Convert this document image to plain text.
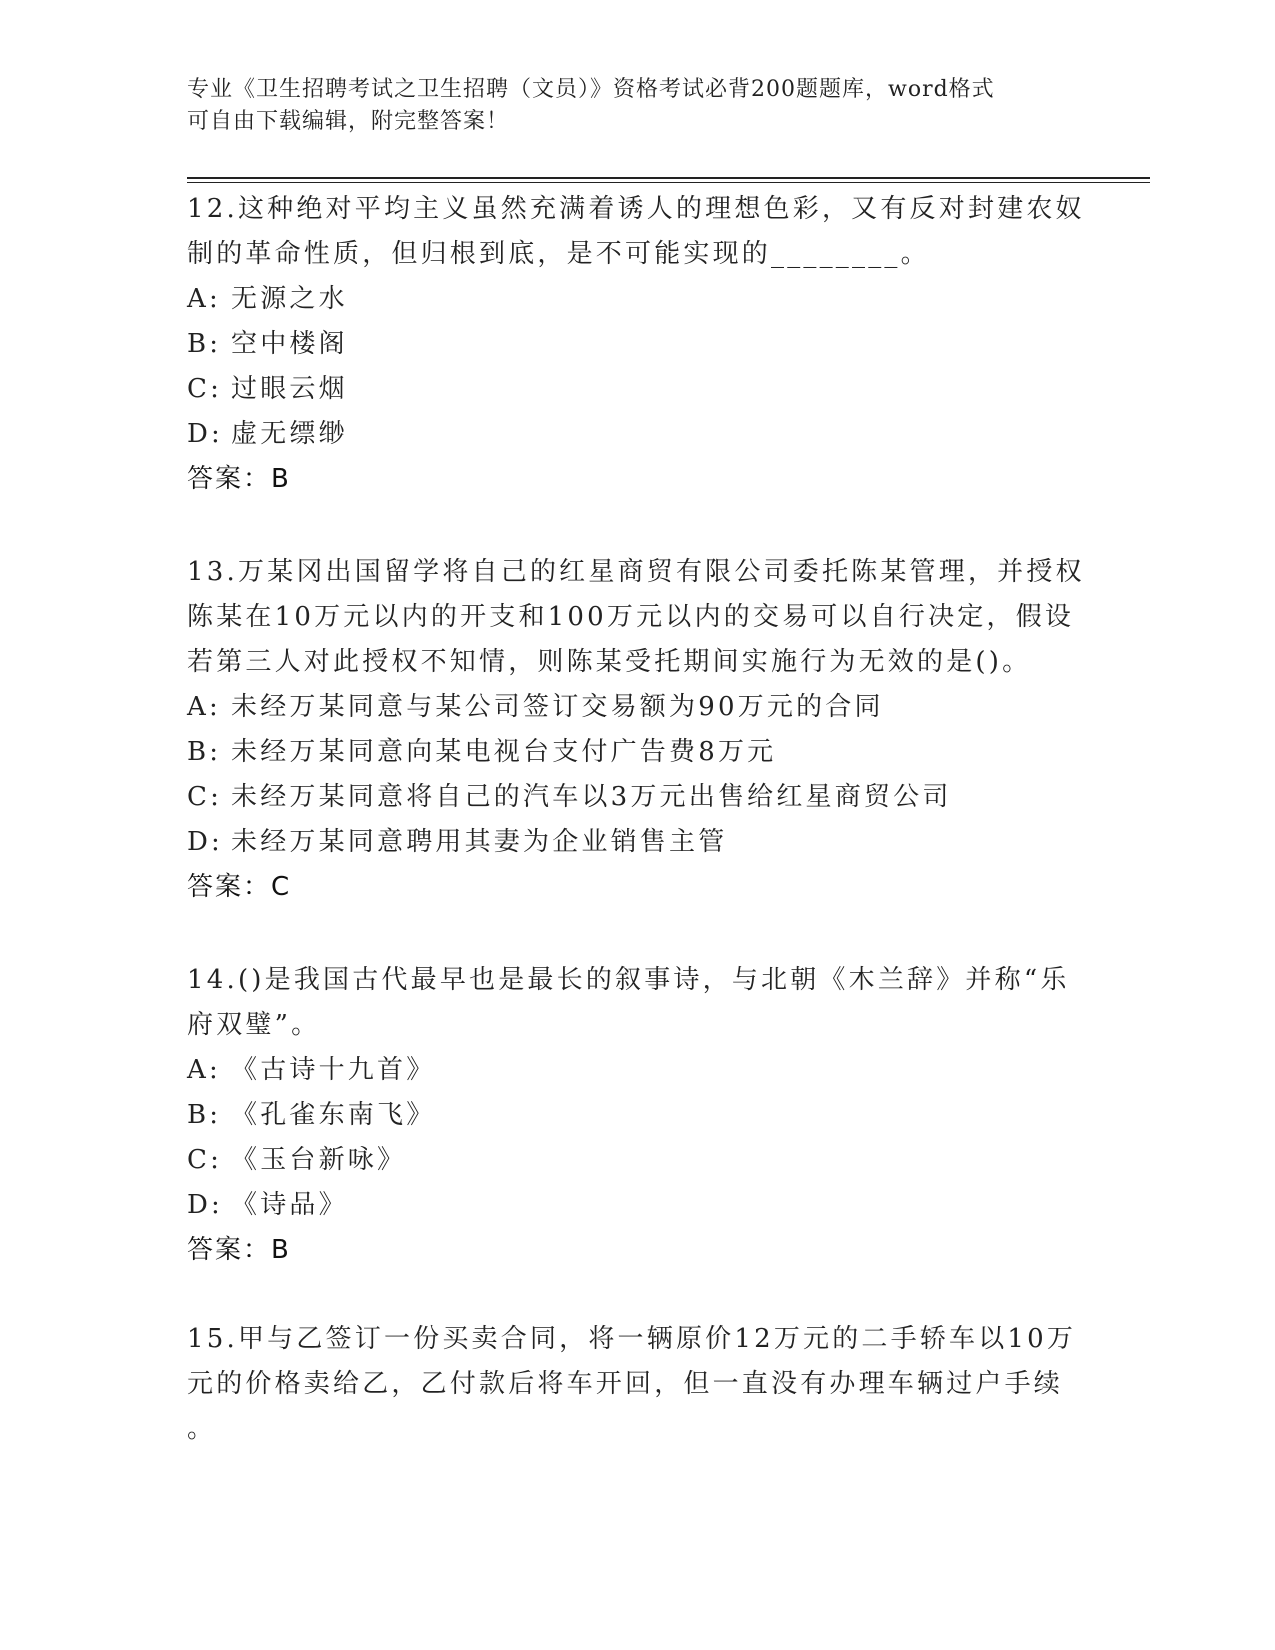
专业《卫生招聘考试之卫生招聘（文员）》资格考试必背200题题库，word格式
可自由下载编辑，附完整答案！

12.这种绝对平均主义虽然充满着诱人的理想色彩，又有反对封建农奴

制的革命性质，但归根到底，是不可能实现的________。

A: 无源之水

B: 空中楼阁

C: 过眼云烟

D: 虚无缥缈

答案：B

13.万某冈出国留学将自己的红星商贸有限公司委托陈某管理，并授权

陈某在10万元以内的开支和100万元以内的交易可以自行决定，假设

若第三人对此授权不知情，则陈某受托期间实施行为无效的是()。

A: 未经万某同意与某公司签订交易额为90万元的合同

B: 未经万某同意向某电视台支付广告费8万元

C: 未经万某同意将自己的汽车以3万元出售给红星商贸公司

D: 未经万某同意聘用其妻为企业销售主管

答案：C

14.()是我国古代最早也是最长的叙事诗，与北朝《木兰辞》并称“乐

府双璧”。

A: 《古诗十九首》

B: 《孔雀东南飞》

C: 《玉台新咏》

D: 《诗品》

答案：B

15.甲与乙签订一份买卖合同，将一辆原价12万元的二手轿车以10万

元的价格卖给乙，乙付款后将车开回，但一直没有办理车辆过户手续

。
